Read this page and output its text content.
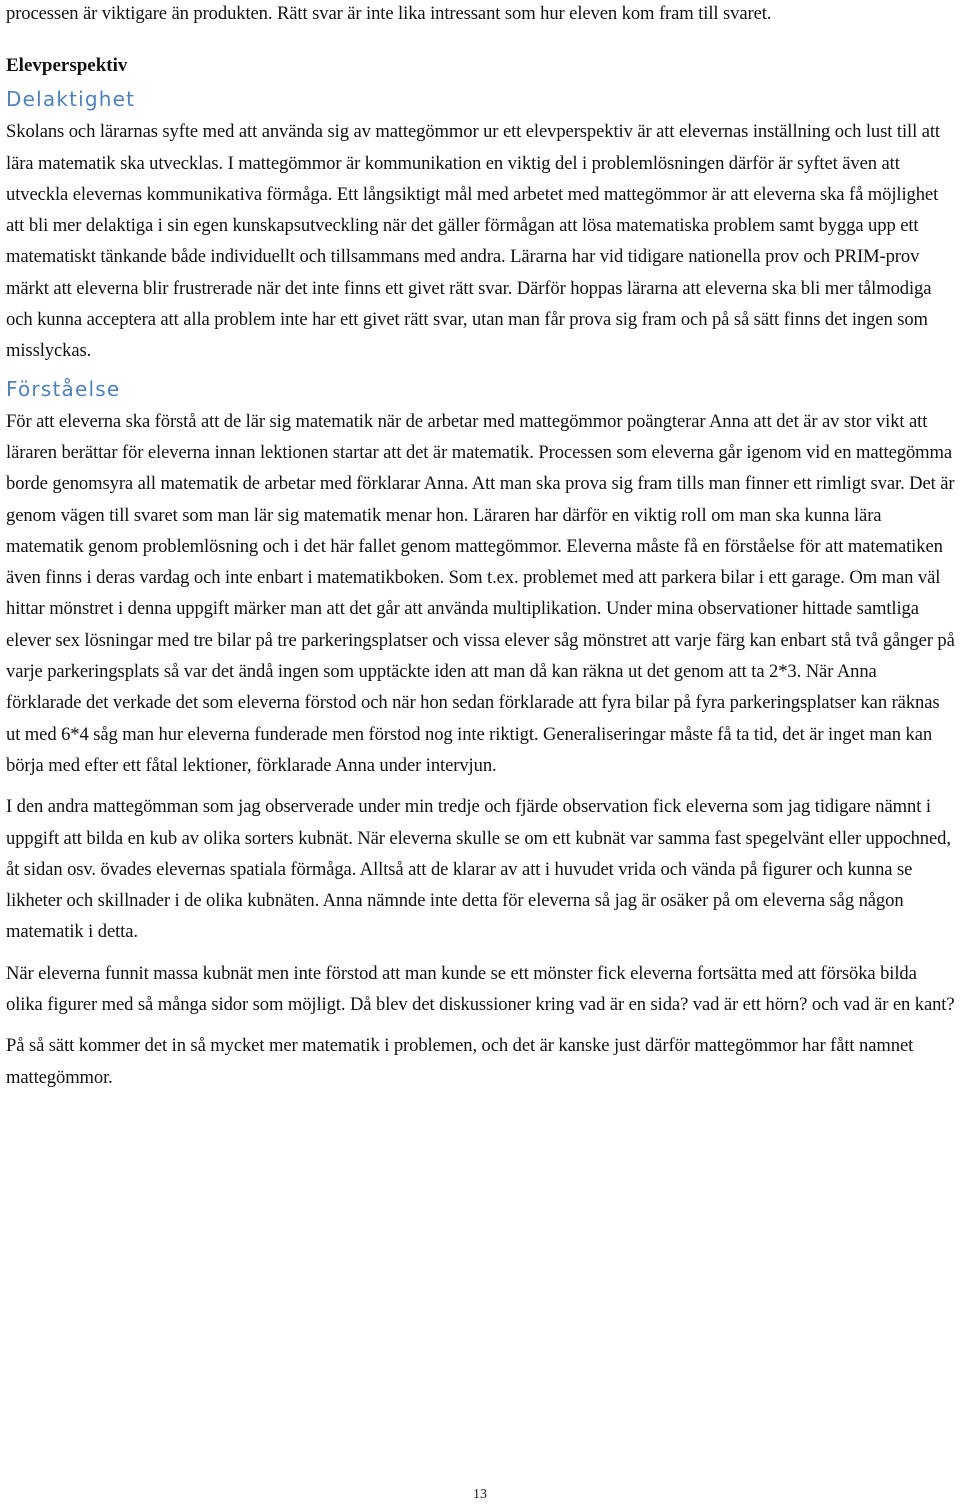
processen är viktigare än produkten. Rätt svar är inte lika intressant som hur eleven kom fram till svaret.

Elevperspektiv
Delaktighet

Skolans och lärarnas syfte med att använda sig av mattegömmor ur ett elevperspektiv är att elevernas inställning och lust till att lära matematik ska utvecklas. I mattegömmor är kommunikation en viktig del i problemlösningen därför är syftet även att utveckla elevernas kommunikativa förmåga. Ett långsiktigt mål med arbetet med mattegömmor är att eleverna ska få möjlighet att bli mer delaktiga i sin egen kunskapsutveckling när det gäller förmågan att lösa matematiska problem samt bygga upp ett matematiskt tänkande både individuellt och tillsammans med andra. Lärarna har vid tidigare nationella prov och PRIM-prov märkt att eleverna blir frustrerade när det inte finns ett givet rätt svar. Därför hoppas lärarna att eleverna ska bli mer tålmodiga och kunna acceptera att alla problem inte har ett givet rätt svar, utan man får prova sig fram och på så sätt finns det ingen som misslyckas.

Förståelse

För att eleverna ska förstå att de lär sig matematik när de arbetar med mattegömmor poängterar Anna att det är av stor vikt att läraren berättar för eleverna innan lektionen startar att det är matematik. Processen som eleverna går igenom vid en mattegömma borde genomsyra all matematik de arbetar med förklarar Anna. Att man ska prova sig fram tills man finner ett rimligt svar. Det är genom vägen till svaret som man lär sig matematik menar hon. Läraren har därför en viktig roll om man ska kunna lära matematik genom problemlösning och i det här fallet genom mattegömmor. Eleverna måste få en förståelse för att matematiken även finns i deras vardag och inte enbart i matematikboken. Som t.ex. problemet med att parkera bilar i ett garage. Om man väl hittar mönstret i denna uppgift märker man att det går att använda multiplikation. Under mina observationer hittade samtliga elever sex lösningar med tre bilar på tre parkeringsplatser och vissa elever såg mönstret att varje färg kan enbart stå två gånger på varje parkeringsplats så var det ändå ingen som upptäckte iden att man då kan räkna ut det genom att ta 2*3. När Anna förklarade det verkade det som eleverna förstod och när hon sedan förklarade att fyra bilar på fyra parkeringsplatser kan räknas ut med 6*4 såg man hur eleverna funderade men förstod nog inte riktigt. Generaliseringar måste få ta tid, det är inget man kan börja med efter ett fåtal lektioner, förklarade Anna under intervjun.

I den andra mattegömman som jag observerade under min tredje och fjärde observation fick eleverna som jag tidigare nämnt i uppgift att bilda en kub av olika sorters kubnät. När eleverna skulle se om ett kubnät var samma fast spegelvänt eller uppochned, åt sidan osv. övades elevernas spatiala förmåga. Alltså att de klarar av att i huvudet vrida och vända på figurer och kunna se likheter och skillnader i de olika kubnäten. Anna nämnde inte detta för eleverna så jag är osäker på om eleverna såg någon matematik i detta.

När eleverna funnit massa kubnät men inte förstod att man kunde se ett mönster fick eleverna fortsätta med att försöka bilda olika figurer med så många sidor som möjligt. Då blev det diskussioner kring vad är en sida? vad är ett hörn? och vad är en kant?

På så sätt kommer det in så mycket mer matematik i problemen, och det är kanske just därför mattegömmor har fått namnet mattegömmor.

13
